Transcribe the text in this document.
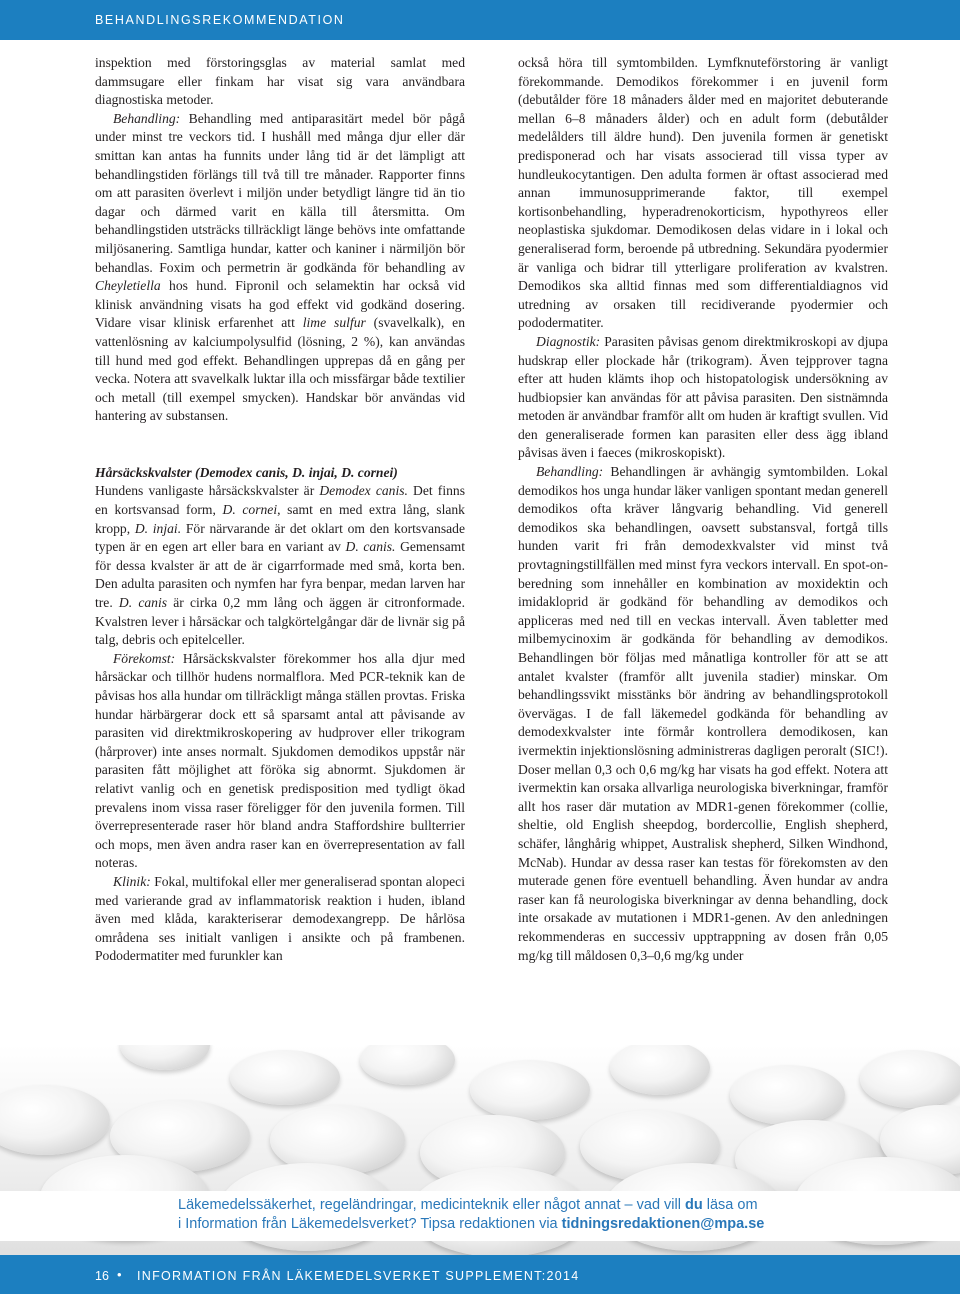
BEHANDLINGSREKOMMENDATION

inspektion med förstoringsglas av material samlat med dammsugare eller finkam har visat sig vara användbara diagnostiska metoder.

Behandling: Behandling med antiparasitärt medel bör pågå under minst tre veckors tid. I hushåll med många djur eller där smittan kan antas ha funnits under lång tid är det lämpligt att behandlingstiden förlängs till två till tre månader. Rapporter finns om att parasiten överlevt i miljön under betydligt längre tid än tio dagar och därmed varit en källa till återsmitta. Om behandlingstiden utsträcks tillräckligt länge behövs inte omfattande miljösanering. Samtliga hundar, katter och kaniner i närmiljön bör behandlas. Foxim och permetrin är godkända för behandling av Cheyletiella hos hund. Fipronil och selamektin har också vid klinisk användning visats ha god effekt vid godkänd dosering. Vidare visar klinisk erfarenhet att lime sulfur (svavelkalk), en vattenlösning av kalciumpolysulfid (lösning, 2 %), kan användas till hund med god effekt. Behandlingen upprepas då en gång per vecka. Notera att svavelkalk luktar illa och missfärgar både textilier och metall (till exempel smycken). Handskar bör användas vid hantering av substansen.

Hårsäckskvalster (Demodex canis, D. injai, D. cornei)

Hundens vanligaste hårsäckskvalster är Demodex canis. Det finns en kortsvansad form, D. cornei, samt en med extra lång, slank kropp, D. injai. För närvarande är det oklart om den kortsvansade typen är en egen art eller bara en variant av D. canis. Gemensamt för dessa kvalster är att de är cigarrformade med små, korta ben. Den adulta parasiten och nymfen har fyra benpar, medan larven har tre. D. canis är cirka 0,2 mm lång och äggen är citronformade. Kvalstren lever i hårsäckar och talgkörtelgångar där de livnär sig på talg, debris och epitelceller.

Förekomst: Hårsäckskvalster förekommer hos alla djur med hårsäckar och tillhör hudens normalflora. Med PCR-teknik kan de påvisas hos alla hundar om tillräckligt många ställen provtas. Friska hundar härbärgerar dock ett så sparsamt antal att påvisande av parasiten vid direktmikroskopering av hudprover eller trikogram (hårprover) inte anses normalt. Sjukdomen demodikos uppstår när parasiten fått möjlighet att föröka sig abnormt. Sjukdomen är relativt vanlig och en genetisk predisposition med tydligt ökad prevalens inom vissa raser föreligger för den juvenila formen. Till överrepresenterade raser hör bland andra Staffordshire bullterrier och mops, men även andra raser kan en överrepresentation av fall noteras.

Klinik: Fokal, multifokal eller mer generaliserad spontan alopeci med varierande grad av inflammatorisk reaktion i huden, ibland även med klåda, karakteriserar demodexangrepp. De hårlösa områdena ses initialt vanligen i ansikte och på frambenen. Pododermatiter med furunkler kan

också höra till symtombilden. Lymfknuteförstoring är vanligt förekommande. Demodikos förekommer i en juvenil form (debutålder före 18 månaders ålder med en majoritet debuterande mellan 6–8 månaders ålder) och en adult form (debutålder medelålders till äldre hund). Den juvenila formen är genetiskt predisponerad och har visats associerad till vissa typer av hundleukocytantigen. Den adulta formen är oftast associerad med annan immunosupprimerande faktor, till exempel kortisonbehandling, hyperadrenokorticism, hypothyreos eller neoplastiska sjukdomar. Demodikosen delas vidare in i lokal och generaliserad form, beroende på utbredning. Sekundära pyodermier är vanliga och bidrar till ytterligare proliferation av kvalstren. Demodikos ska alltid finnas med som differentialdiagnos vid utredning av orsaken till recidiverande pyodermier och pododermatiter.

Diagnostik: Parasiten påvisas genom direktmikroskopi av djupa hudskrap eller plockade hår (trikogram). Även tejpprover tagna efter att huden klämts ihop och histopatologisk undersökning av hudbiopsier kan användas för att påvisa parasiten. Den sistnämnda metoden är användbar framför allt om huden är kraftigt svullen. Vid den generaliserade formen kan parasiten eller dess ägg ibland påvisas även i faeces (mikroskopiskt).

Behandling: Behandlingen är avhängig symtombilden. Lokal demodikos hos unga hundar läker vanligen spontant medan generell demodikos ofta kräver långvarig behandling. Vid generell demodikos ska behandlingen, oavsett substansval, fortgå tills hunden varit fri från demodexkvalster vid minst två provtagningstillfällen med minst fyra veckors intervall. En spot-on-beredning som innehåller en kombination av moxidektin och imidakloprid är godkänd för behandling av demodikos och appliceras med ned till en veckas intervall. Även tabletter med milbemycinoxim är godkända för behandling av demodikos. Behandlingen bör följas med månatliga kontroller för att se att antalet kvalster (framför allt juvenila stadier) minskar. Om behandlingssvikt misstänks bör ändring av behandlingsprotokoll övervägas. I de fall läkemedel godkända för behandling av demodexkvalster inte förmår kontrollera demodikosen, kan ivermektin injektionslösning administreras dagligen peroralt (SIC!). Doser mellan 0,3 och 0,6 mg/kg har visats ha god effekt. Notera att ivermektin kan orsaka allvarliga neurologiska biverkningar, framför allt hos raser där mutation av MDR1-genen förekommer (collie, sheltie, old English sheepdog, bordercollie, English shepherd, schäfer, långhårig whippet, Australisk shepherd, Silken Windhond, McNab). Hundar av dessa raser kan testas för förekomsten av den muterade genen före eventuell behandling. Även hundar av andra raser kan få neurologiska biverkningar av denna behandling, dock inte orsakade av mutationen i MDR1-genen. Av den anledningen rekommenderas en successiv upptrappning av dosen från 0,05 mg/kg till måldosen 0,3–0,6 mg/kg under

Läkemedelssäkerhet, regeländringar, medicinteknik eller något annat – vad vill du läsa om
i Information från Läkemedelsverket? Tipsa redaktionen via tidningsredaktionen@mpa.se
16 • INFORMATION FRÅN LÄKEMEDELSVERKET SUPPLEMENT:2014
